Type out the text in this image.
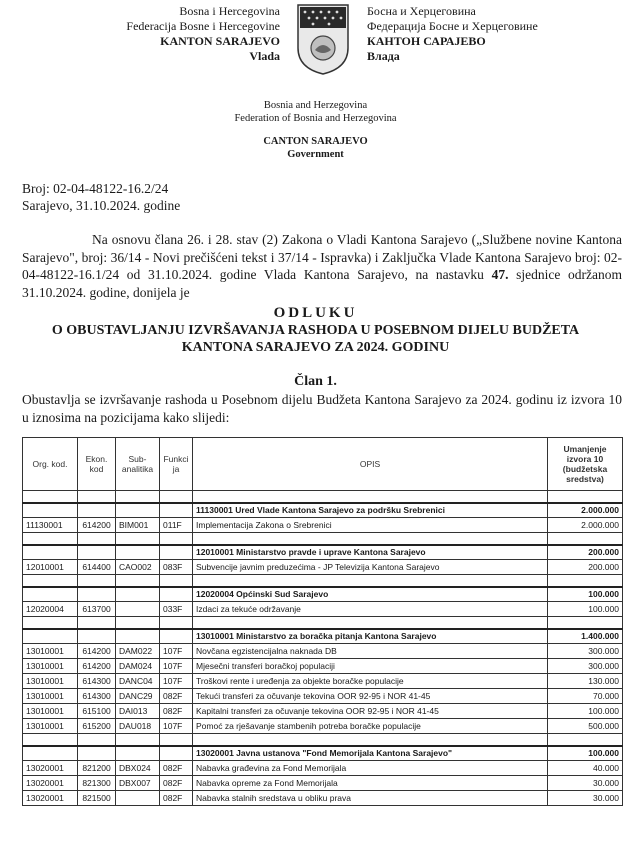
Bosna i Hercegovina
Federacija Bosne i Hercegovine
KANTON SARAJEVO
Vlada
Босна и Херцеговина
Федерација Босне и Херцеговине
КАНТОН САРАЈЕВО
Влада
Bosnia and Herzegovina
Federation of Bosnia and Herzegovina
CANTON SARAJEVO
Government
Broj: 02-04-48122-16.2/24
Sarajevo, 31.10.2024. godine
Na osnovu člana 26. i 28. stav (2) Zakona o Vladi Kantona Sarajevo („Službene novine Kantona Sarajevo", broj: 36/14 - Novi prečišćeni tekst i 37/14 - Ispravka) i Zaključka Vlade Kantona Sarajevo broj: 02-04-48122-16.1/24 od 31.10.2024. godine Vlada Kantona Sarajevo, na nastavku 47. sjednice održanom 31.10.2024. godine, donijela je
ODLUKU
O OBUSTAVLJANJU IZVRŠAVANJA RASHODA U POSEBNOM DIJELU BUDŽETA
KANTONA SARAJEVO ZA 2024. GODINU
Član 1.
Obustavlja se izvršavanje rashoda u Posebnom dijelu Budžeta Kantona Sarajevo za 2024. godinu iz izvora 10 u iznosima na pozicijama kako slijedi:
Org. kod.	Ekon. kod	Sub-analitika	Funkcija	OPIS	Umanjenje izvora 10 (budžetska sredstva)

				11130001 Ured Vlade Kantona Sarajevo za podršku Srebrenici	2.000.000
11130001	614200	BIM001	011F	Implementacija Zakona o Srebrenici	2.000.000

				12010001 Ministarstvo pravde i uprave Kantona Sarajevo	200.000
12010001	614400	CAO002	083F	Subvencije javnim preduzećima - JP Televizija Kantona Sarajevo	200.000

				12020004 Općinski Sud Sarajevo	100.000
12020004	613700		033F	Izdaci za tekuće održavanje	100.000

				13010001 Ministarstvo za boračka pitanja Kantona Sarajevo	1.400.000
13010001	614200	DAM022	107F	Novčana egzistencijalna naknada DB	300.000
13010001	614200	DAM024	107F	Mjesečni transferi boračkoj populaciji	300.000
13010001	614300	DANC04	107F	Troškovi rente i uređenja za objekte boračke populacije	130.000
13010001	614300	DANC29	082F	Tekući transferi za očuvanje tekovina OOR 92-95 i NOR 41-45	70.000
13010001	615100	DAI013	082F	Kapitalni transferi za očuvanje tekovina OOR 92-95 i NOR 41-45	100.000
13010001	615200	DAU018	107F	Pomoć za rješavanje stambenih potreba boračke populacije	500.000

				13020001 Javna ustanova "Fond Memorijala Kantona Sarajevo"	100.000
13020001	821200	DBX024	082F	Nabavka građevina za Fond Memorijala	40.000
13020001	821300	DBX007	082F	Nabavka opreme za Fond Memorijala	30.000
13020001	821500		082F	Nabavka stalnih sredstava u obliku prava	30.000
